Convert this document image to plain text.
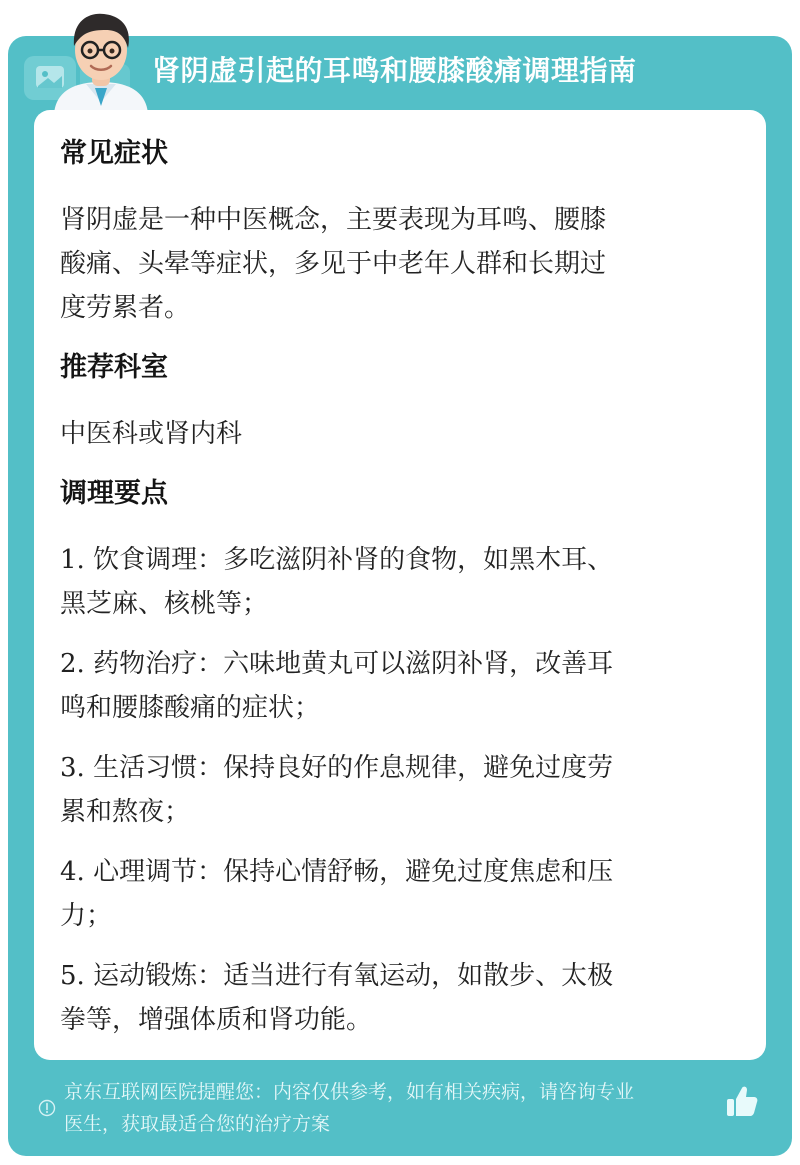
肾阴虚引起的耳鸣和腰膝酸痛调理指南
常见症状
肾阴虚是一种中医概念，主要表现为耳鸣、腰膝
酸痛、头晕等症状，多见于中老年人群和长期过
度劳累者。
推荐科室
中医科或肾内科
调理要点
1. 饮食调理：多吃滋阴补肾的食物，如黑木耳、
黑芝麻、核桃等；
2. 药物治疗：六味地黄丸可以滋阴补肾，改善耳
鸣和腰膝酸痛的症状；
3. 生活习惯：保持良好的作息规律，避免过度劳
累和熬夜；
4. 心理调节：保持心情舒畅，避免过度焦虑和压
力；
5. 运动锻炼：适当进行有氧运动，如散步、太极
拳等，增强体质和肾功能。
京东互联网医院提醒您：内容仅供参考，如有相关疾病，请咨询专业
医生，获取最适合您的治疗方案
